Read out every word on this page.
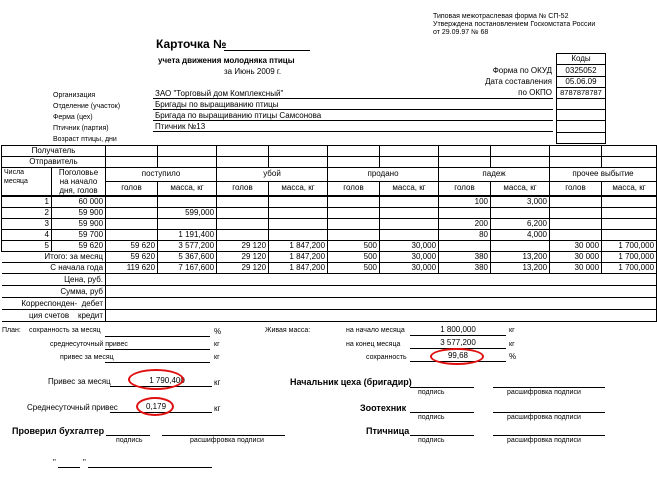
Типовая межотраслевая форма № СП-52
Утверждена постановлением Госкомстата России
от 29.09.97 № 68
Карточка №
учета движения молодняка птицы
за Июнь 2009 г.
Коды
Форма по ОКУД	0325052
Дата составления	05.06.09
по ОКПО	8787878787
Организация	ЗАО "Торговый дом Комплексный"
Отделение (участок)	Бригады по выращиванию птицы
Ферма (цех)	Бригада по выращиванию птицы Самсонова
Птичник (партия)	Птичник №13
Возраст птицы, дни
Получатель											
Отправитель											
Числа
месяца	Поголовье
на начало
дня, голов	поступило		убой		продано		падеж		прочее выбытие	
		голов	масса, кг	голов	масса, кг	голов	масса, кг	голов	масса, кг	голов	масса, кг
1	60 000							100	3,000		
2	59 900		599,000								
3	59 900							200	6,200		
4	59 700		1 191,400					80	4,000		
5	59 620	59 620	3 577,200	29 120	1 847,200	500	30,000			30 000	1 700,000
Итого: за месяц		59 620	5 367,600	29 120	1 847,200	500	30,000	380	13,200	30 000	1 700,000
С начала года		119 620	7 167,600	29 120	1 847,200	500	30,000	380	13,200	30 000	1 700,000
Цена, руб.											
Сумма, руб											
Корреспонден- дебет											
ция счетов кредит											
План: сохранность за месяц	%
среднесуточный привес	кг
привес за месяц	кг
Живая масса:	на начало месяца	1 800,000	кг
на конец месяца	3 577,200	кг
сохранность	99,68	%
Привес за месяц	1 790,400	кг
Среднесуточный привес	0,179	кг
Начальник цеха (бригадир)
подпись	расшифровка подписи
Зоотехник
подпись	расшифровка подписи
Птичница
подпись	расшифровка подписи
Проверил бухгалтер
подпись	расшифровка подписи
"	"
